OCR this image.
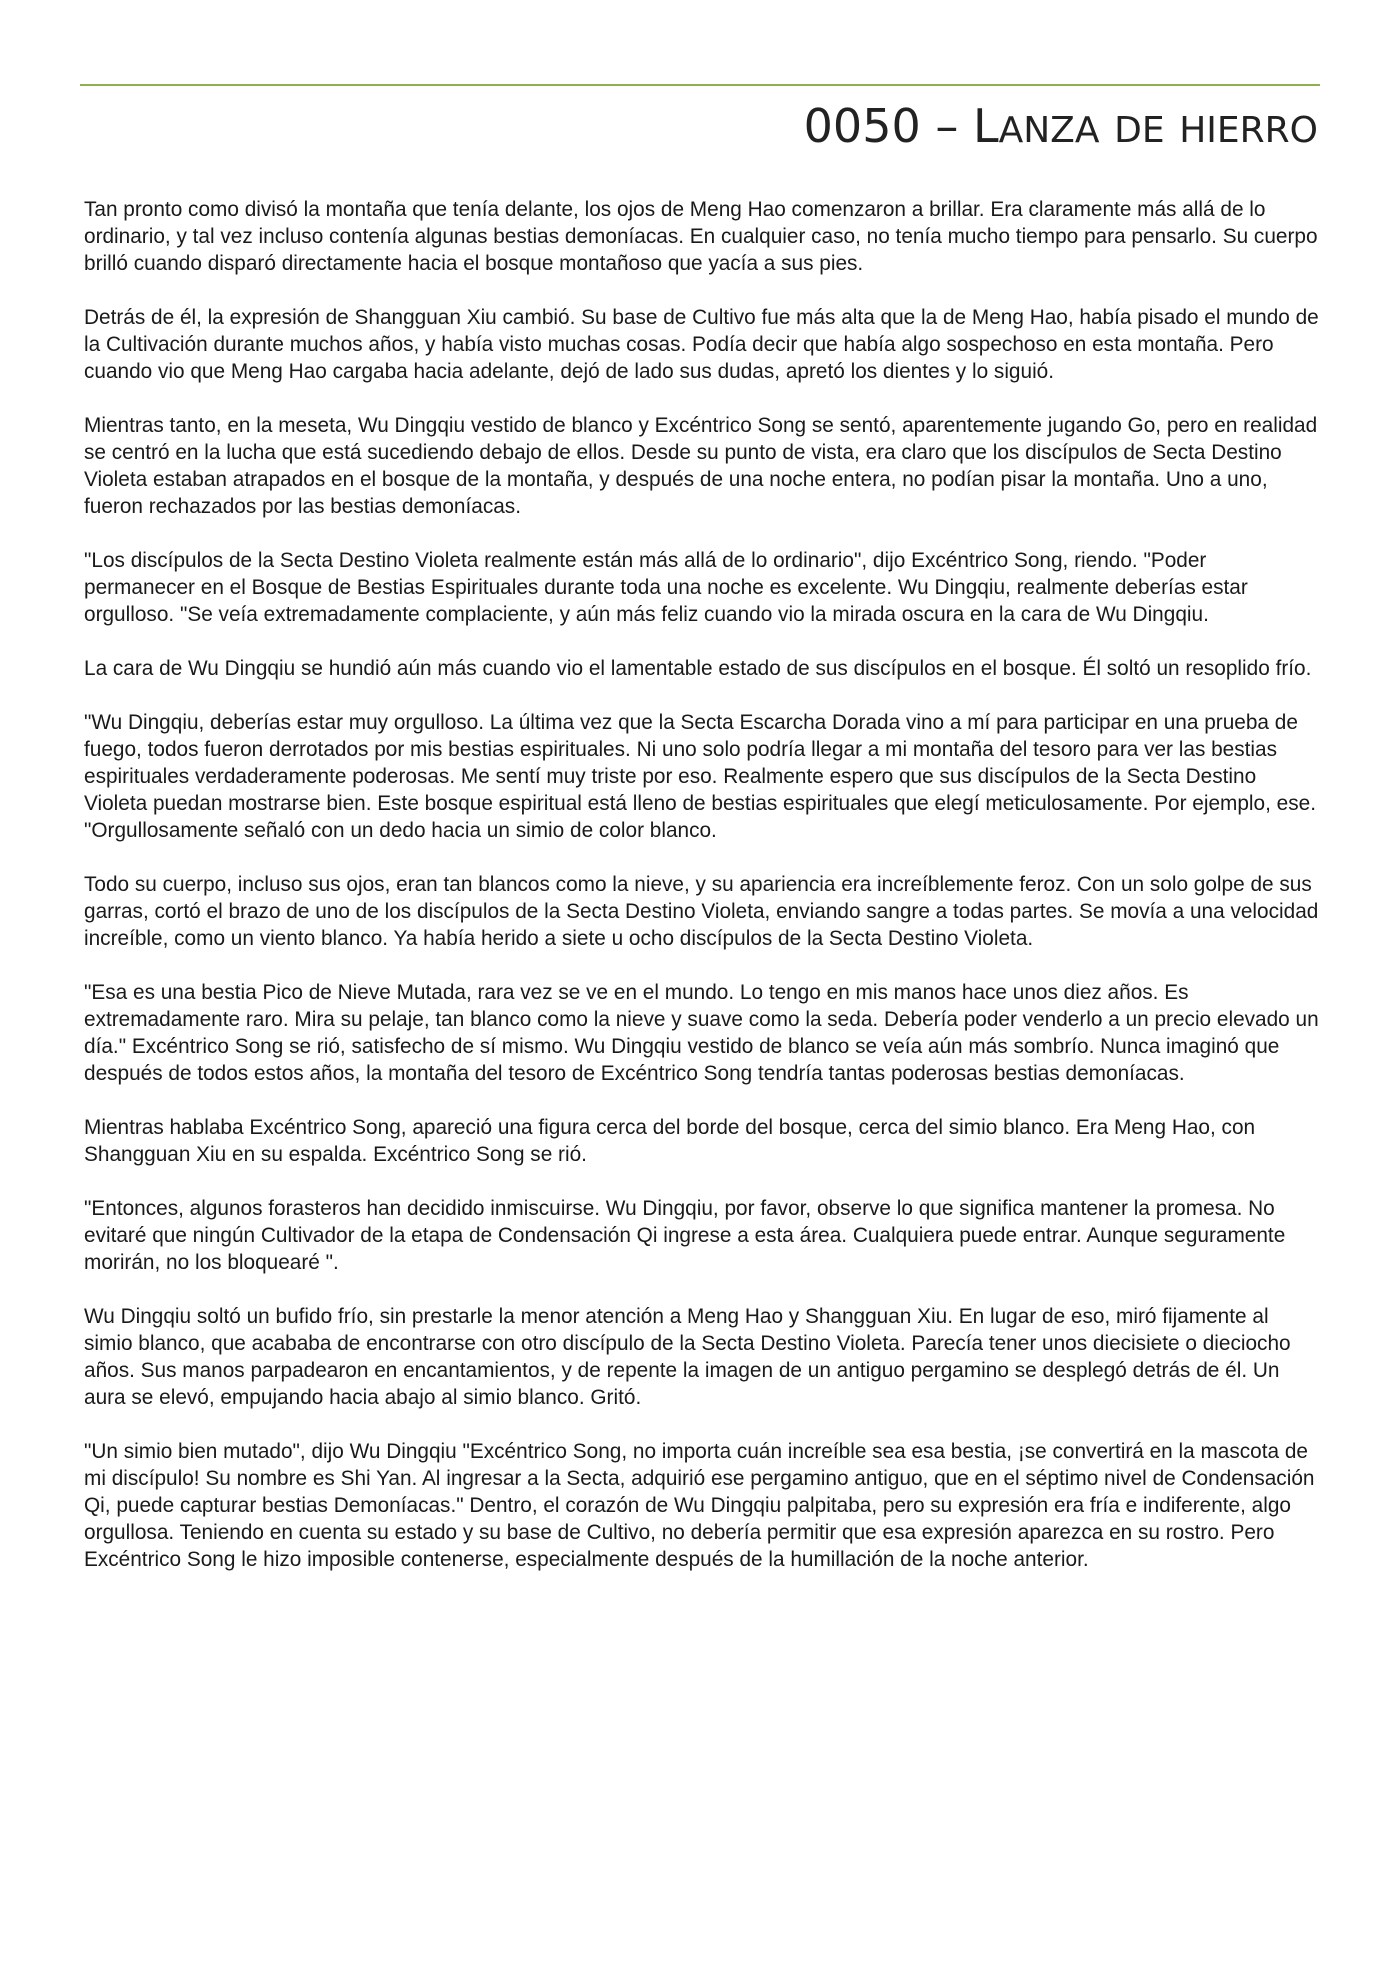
0050 – LANZA DE HIERRO

Tan pronto como divisó la montaña que tenía delante, los ojos de Meng Hao comenzaron a brillar. Era claramente más allá de lo ordinario, y tal vez incluso contenía algunas bestias demoníacas. En cualquier caso, no tenía mucho tiempo para pensarlo. Su cuerpo brilló cuando disparó directamente hacia el bosque montañoso que yacía a sus pies.

Detrás de él, la expresión de Shangguan Xiu cambió. Su base de Cultivo fue más alta que la de Meng Hao, había pisado el mundo de la Cultivación durante muchos años, y había visto muchas cosas. Podía decir que había algo sospechoso en esta montaña. Pero cuando vio que Meng Hao cargaba hacia adelante, dejó de lado sus dudas, apretó los dientes y lo siguió.

Mientras tanto, en la meseta, Wu Dingqiu vestido de blanco y Excéntrico Song se sentó, aparentemente jugando Go, pero en realidad se centró en la lucha que está sucediendo debajo de ellos. Desde su punto de vista, era claro que los discípulos de Secta Destino Violeta estaban atrapados en el bosque de la montaña, y después de una noche entera, no podían pisar la montaña. Uno a uno, fueron rechazados por las bestias demoníacas.

"Los discípulos de la Secta Destino Violeta realmente están más allá de lo ordinario", dijo Excéntrico Song, riendo. "Poder permanecer en el Bosque de Bestias Espirituales durante toda una noche es excelente. Wu Dingqiu, realmente deberías estar orgulloso. "Se veía extremadamente complaciente, y aún más feliz cuando vio la mirada oscura en la cara de Wu Dingqiu.

La cara de Wu Dingqiu se hundió aún más cuando vio el lamentable estado de sus discípulos en el bosque. Él soltó un resoplido frío.

"Wu Dingqiu, deberías estar muy orgulloso. La última vez que la Secta Escarcha Dorada vino a mí para participar en una prueba de fuego, todos fueron derrotados por mis bestias espirituales. Ni uno solo podría llegar a mi montaña del tesoro para ver las bestias espirituales verdaderamente poderosas. Me sentí muy triste por eso. Realmente espero que sus discípulos de la Secta Destino Violeta puedan mostrarse bien. Este bosque espiritual está lleno de bestias espirituales que elegí meticulosamente. Por ejemplo, ese. "Orgullosamente señaló con un dedo hacia un simio de color blanco.

Todo su cuerpo, incluso sus ojos, eran tan blancos como la nieve, y su apariencia era increíblemente feroz. Con un solo golpe de sus garras, cortó el brazo de uno de los discípulos de la Secta Destino Violeta, enviando sangre a todas partes. Se movía a una velocidad increíble, como un viento blanco. Ya había herido a siete u ocho discípulos de la Secta Destino Violeta.

"Esa es una bestia Pico de Nieve Mutada, rara vez se ve en el mundo. Lo tengo en mis manos hace unos diez años. Es extremadamente raro. Mira su pelaje, tan blanco como la nieve y suave como la seda. Debería poder venderlo a un precio elevado un día." Excéntrico Song se rió, satisfecho de sí mismo. Wu Dingqiu vestido de blanco se veía aún más sombrío. Nunca imaginó que después de todos estos años, la montaña del tesoro de Excéntrico Song tendría tantas poderosas bestias demoníacas.

Mientras hablaba Excéntrico Song, apareció una figura cerca del borde del bosque, cerca del simio blanco. Era Meng Hao, con Shangguan Xiu en su espalda. Excéntrico Song se rió.

"Entonces, algunos forasteros han decidido inmiscuirse. Wu Dingqiu, por favor, observe lo que significa mantener la promesa. No evitaré que ningún Cultivador de la etapa de Condensación Qi ingrese a esta área. Cualquiera puede entrar. Aunque seguramente morirán, no los bloquearé ".

Wu Dingqiu soltó un bufido frío, sin prestarle la menor atención a Meng Hao y Shangguan Xiu. En lugar de eso, miró fijamente al simio blanco, que acababa de encontrarse con otro discípulo de la Secta Destino Violeta. Parecía tener unos diecisiete o dieciocho años. Sus manos parpadearon en encantamientos, y de repente la imagen de un antiguo pergamino se desplegó detrás de él. Un aura se elevó, empujando hacia abajo al simio blanco. Gritó.

"Un simio bien mutado", dijo Wu Dingqiu "Excéntrico Song, no importa cuán increíble sea esa bestia, ¡se convertirá en la mascota de mi discípulo! Su nombre es Shi Yan. Al ingresar a la Secta, adquirió ese pergamino antiguo, que en el séptimo nivel de Condensación Qi, puede capturar bestias Demoníacas." Dentro, el corazón de Wu Dingqiu palpitaba, pero su expresión era fría e indiferente, algo orgullosa. Teniendo en cuenta su estado y su base de Cultivo, no debería permitir que esa expresión aparezca en su rostro. Pero Excéntrico Song le hizo imposible contenerse, especialmente después de la humillación de la noche anterior.
